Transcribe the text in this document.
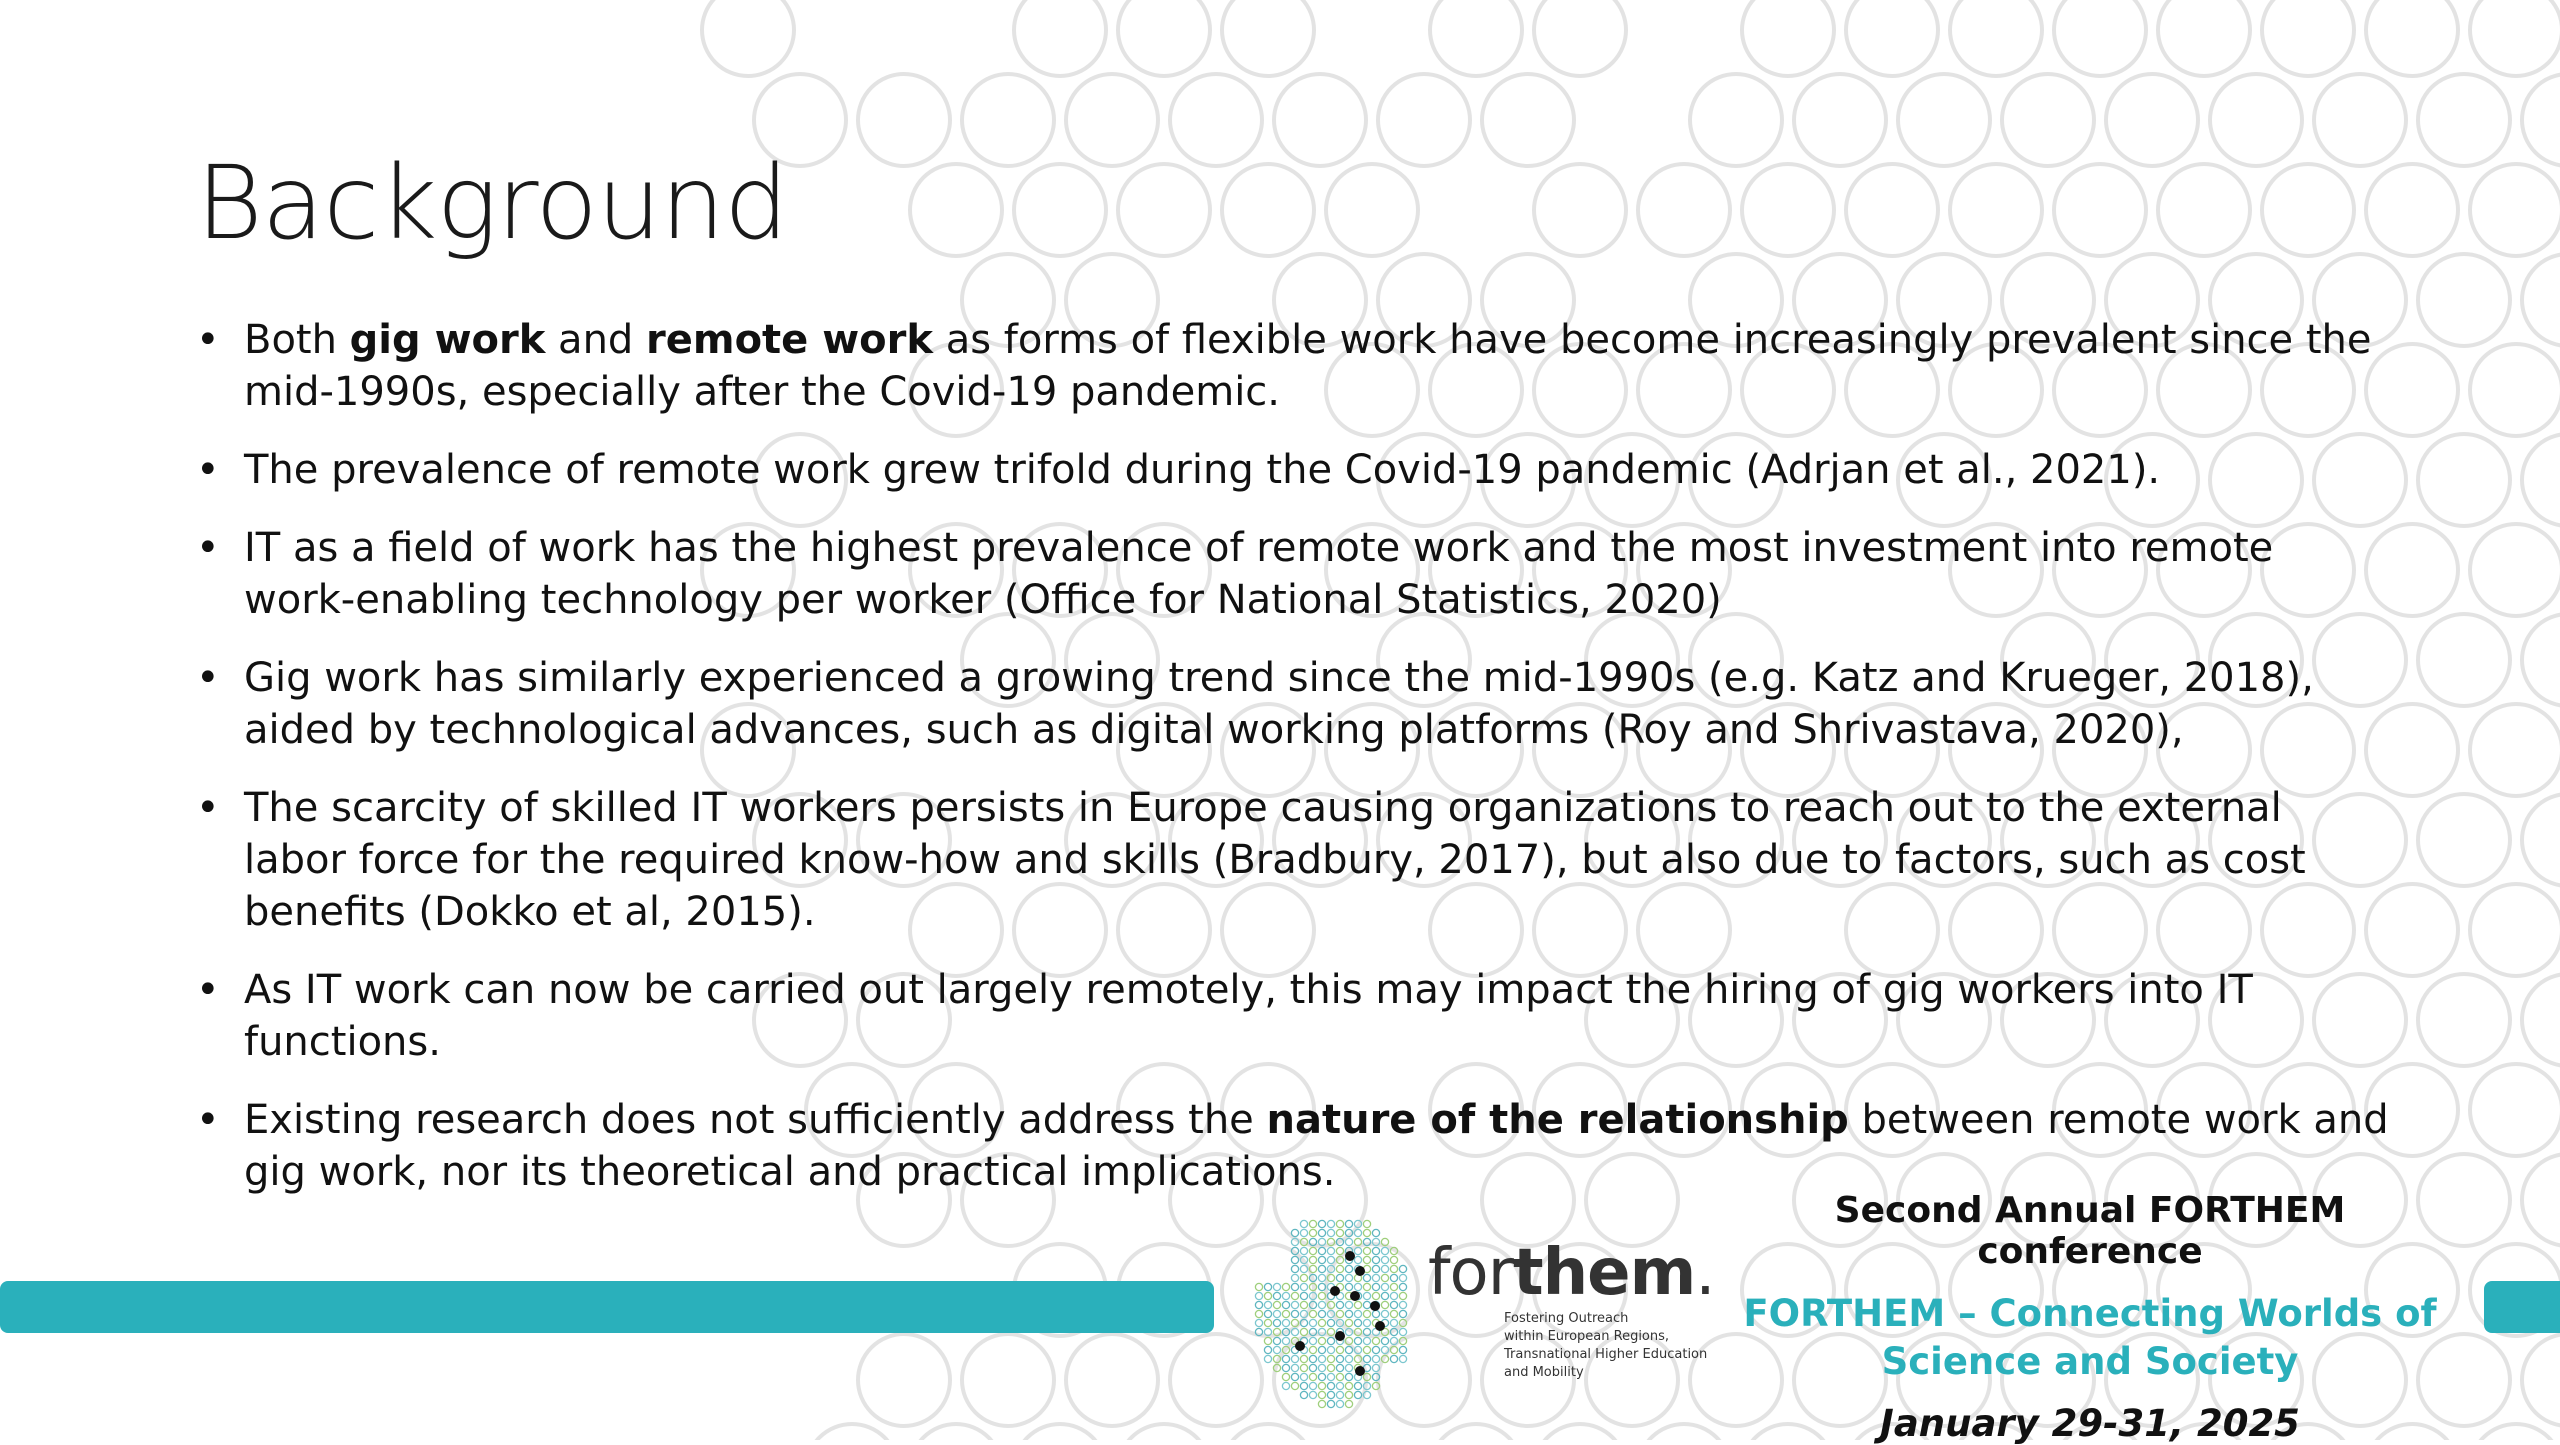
Background
• Both gig work and remote work as forms of flexible work have become increasingly prevalent since the mid-1990s, especially after the Covid-19 pandemic.
• The prevalence of remote work grew trifold during the Covid-19 pandemic (Adrjan et al., 2021).
• IT as a field of work has the highest prevalence of remote work and the most investment into remote work-enabling technology per worker (Office for National Statistics, 2020)
• Gig work has similarly experienced a growing trend since the mid-1990s (e.g. Katz and Krueger, 2018), aided by technological advances, such as digital working platforms (Roy and Shrivastava, 2020),
• The scarcity of skilled IT workers persists in Europe causing organizations to reach out to the external labor force for the required know-how and skills (Bradbury, 2017), but also due to factors, such as cost benefits (Dokko et al, 2015).
• As IT work can now be carried out largely remotely, this may impact the hiring of gig workers into IT functions.
• Existing research does not sufficiently address the nature of the relationship between remote work and gig work, nor its theoretical and practical implications.
forthem.
Fostering Outreach
within European Regions,
Transnational Higher Education
and Mobility

Second Annual FORTHEM conference

FORTHEM – Connecting Worlds of Science and Society

January 29-31, 2025
